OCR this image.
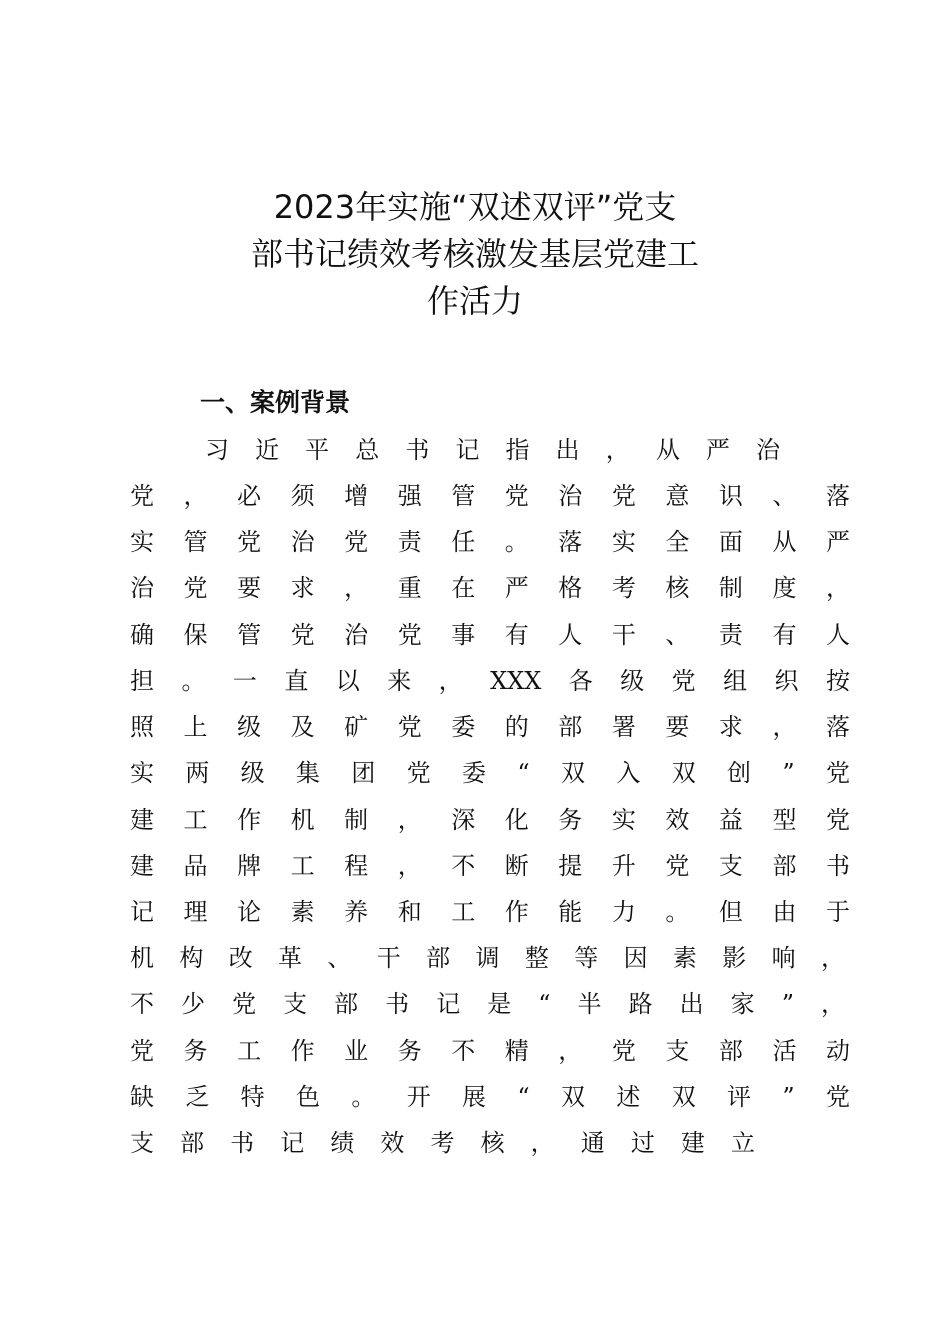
2023年实施“双述双评”党支
部书记绩效考核激发基层党建工
作活力
一、案例背景
习近平总书记指出，从严治
党，必须增强管党治党意识、落
实管党治党责任。落实全面从严
治党要求，重在严格考核制度，
确保管党治党事有人干、责有人
担。一直以来，XXX各级党组织按
照上级及矿党委的部署要求，落
实两级集团党委“双入双创”党
建工作机制，深化务实效益型党
建品牌工程，不断提升党支部书
记理论素养和工作能力。但由于
机构改革、干部调整等因素影响，
不少党支部书记是“半路出家”，
党务工作业务不精，党支部活动
缺乏特色。开展“双述双评”党
支部书记绩效考核，通过建立
